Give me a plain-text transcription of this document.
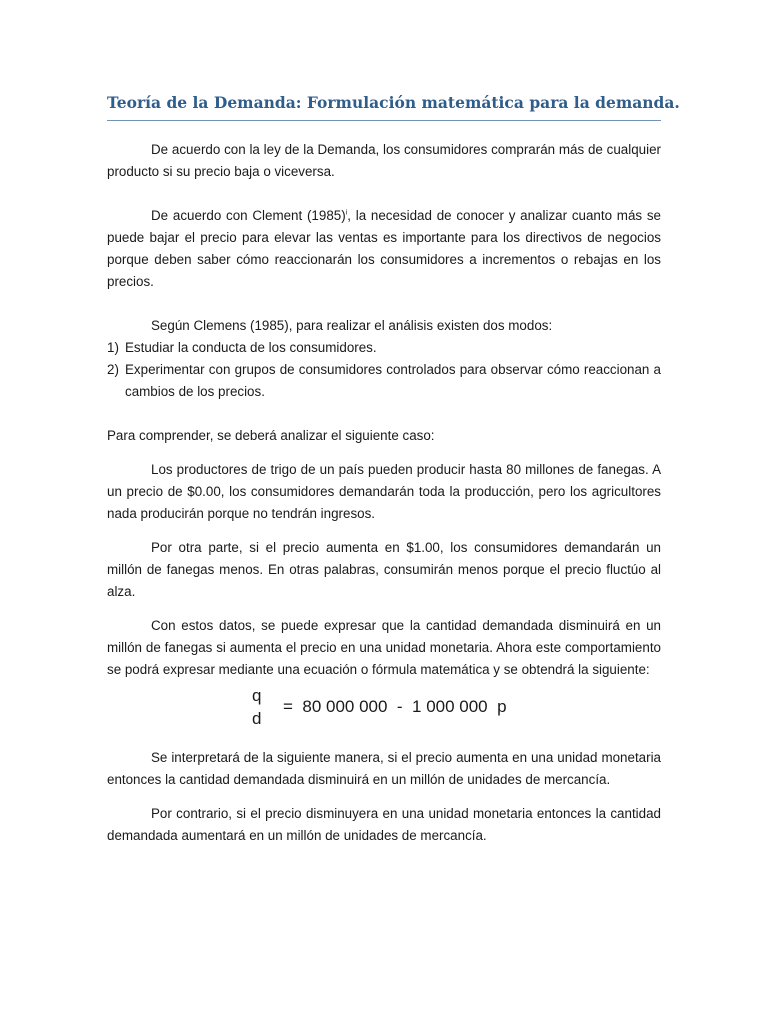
Teoría de la Demanda: Formulación matemática para la demanda.

De acuerdo con la ley de la Demanda, los consumidores comprarán más de cualquier producto si su precio baja o viceversa.

De acuerdo con Clement $(1985)^i$, la necesidad de conocer y analizar cuanto más se puede bajar el precio para elevar las ventas es importante para los directivos de negocios porque deben saber cómo reaccionarán los consumidores a incrementos o rebajas en los precios.

Según Clemens (1985), para realizar el análisis existen dos modos:

1) Estudiar la conducta de los consumidores.
2) Experimentar con grupos de consumidores controlados para observar cómo reaccionan a cambios de los precios.

Para comprender, se deberá analizar el siguiente caso:

Los productores de trigo de un país pueden producir hasta 80 millones de fanegas. A un precio de $0.00, los consumidores demandarán toda la producción, pero los agricultores nada producirán porque no tendrán ingresos.

Por otra parte, si el precio aumenta en $1.00, los consumidores demandarán un millón de fanegas menos. En otras palabras, consumirán menos porque el precio fluctúo al alza.

Con estos datos, se puede expresar que la cantidad demandada disminuirá en un millón de fanegas si aumenta el precio en una unidad monetaria. Ahora este comportamiento se podrá expresar mediante una ecuación o fórmula matemática y se obtendrá la siguiente:

q
d
=  80 000 000  -  1 000 000  p

Se interpretará de la siguiente manera, si el precio aumenta en una unidad monetaria entonces la cantidad demandada disminuirá en un millón de unidades de mercancía.

Por contrario, si el precio disminuyera en una unidad monetaria entonces la cantidad demandada aumentará en un millón de unidades de mercancía.
